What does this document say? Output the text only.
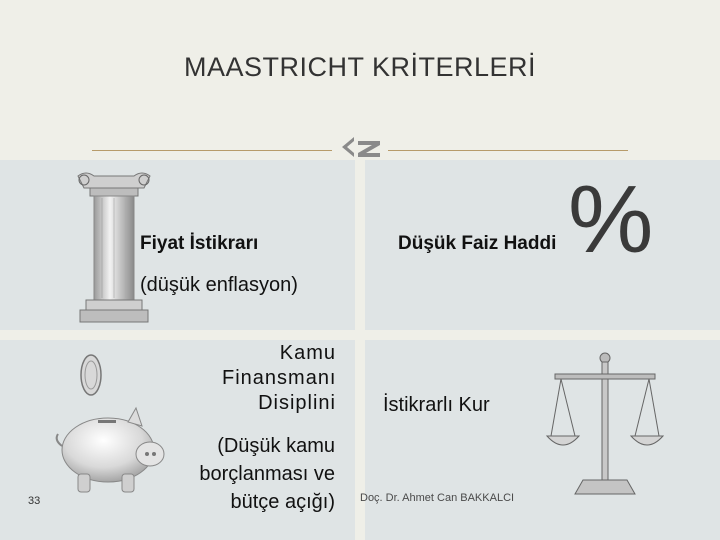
MAASTRICHT KRİTERLERİ
Fiyat İstikrarı
(düşük enflasyon)
Düşük Faiz Haddi %
Kamu
Finansmanı
Disiplini
(Düşük kamu
borçlanması ve
bütçe açığı)
İstikrarlı Kur
Doç. Dr. Ahmet Can BAKKALCI
33
